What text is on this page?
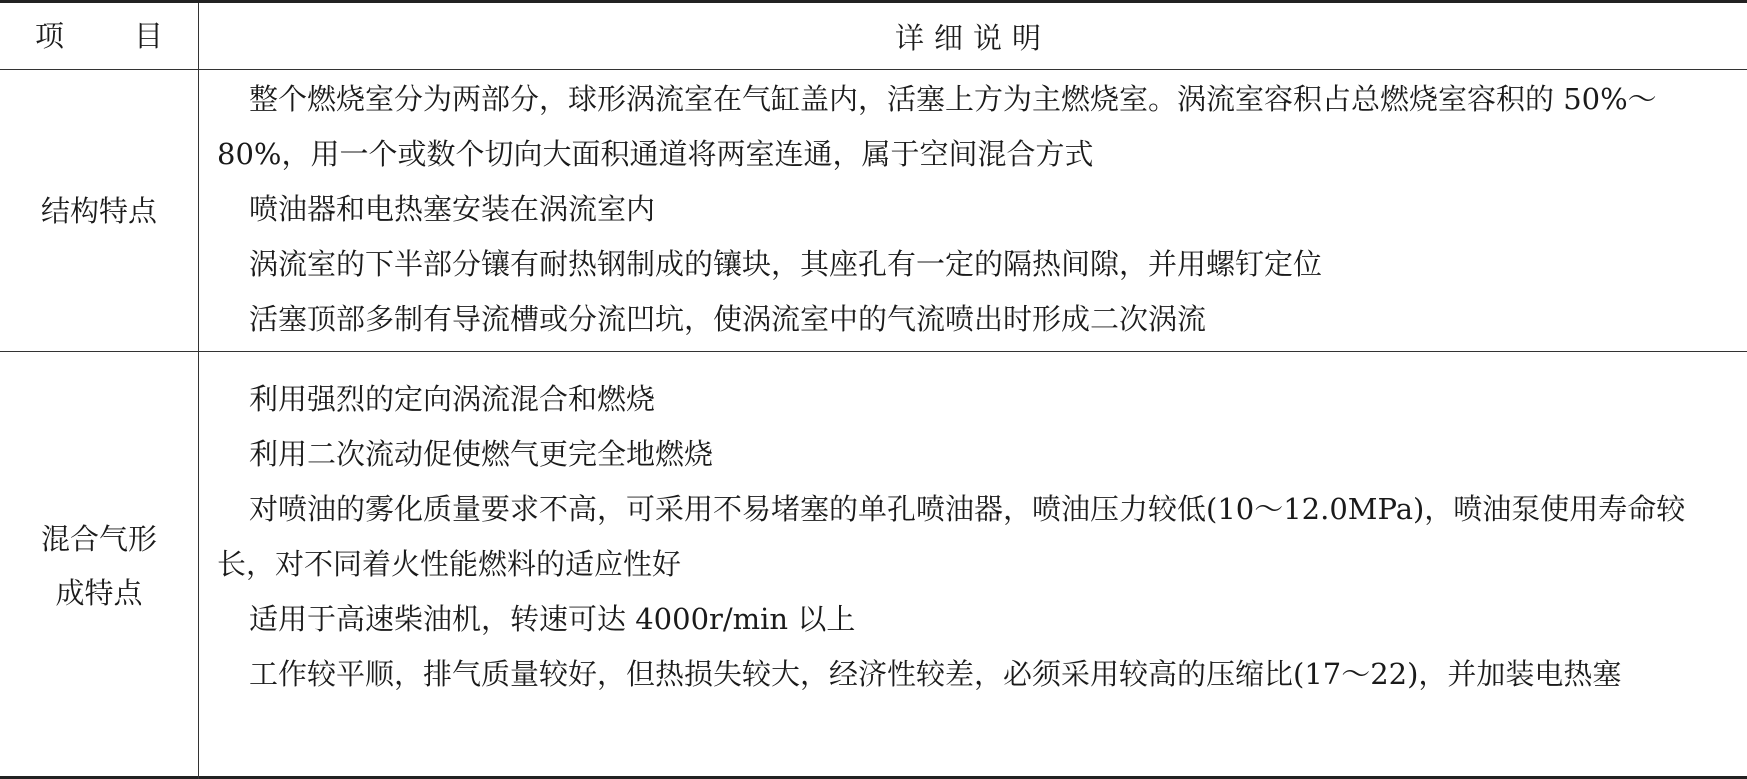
项 目	详细说明
结构特点

整个燃烧室分为两部分，球形涡流室在气缸盖内，活塞上方为主燃烧室。涡流室容积占总燃烧室容积的 50%～80%，用一个或数个切向大面积通道将两室连通，属于空间混合方式

喷油器和电热塞安装在涡流室内

涡流室的下半部分镶有耐热钢制成的镶块，其座孔有一定的隔热间隙，并用螺钉定位

活塞顶部多制有导流槽或分流凹坑，使涡流室中的气流喷出时形成二次涡流

混合气形
成特点

利用强烈的定向涡流混合和燃烧

利用二次流动促使燃气更完全地燃烧

对喷油的雾化质量要求不高，可采用不易堵塞的单孔喷油器，喷油压力较低(10～12.0MPa)，喷油泵使用寿命较长，对不同着火性能燃料的适应性好

适用于高速柴油机，转速可达 4000r/min 以上

工作较平顺，排气质量较好，但热损失较大，经济性较差，必须采用较高的压缩比(17～22)，并加装电热塞
